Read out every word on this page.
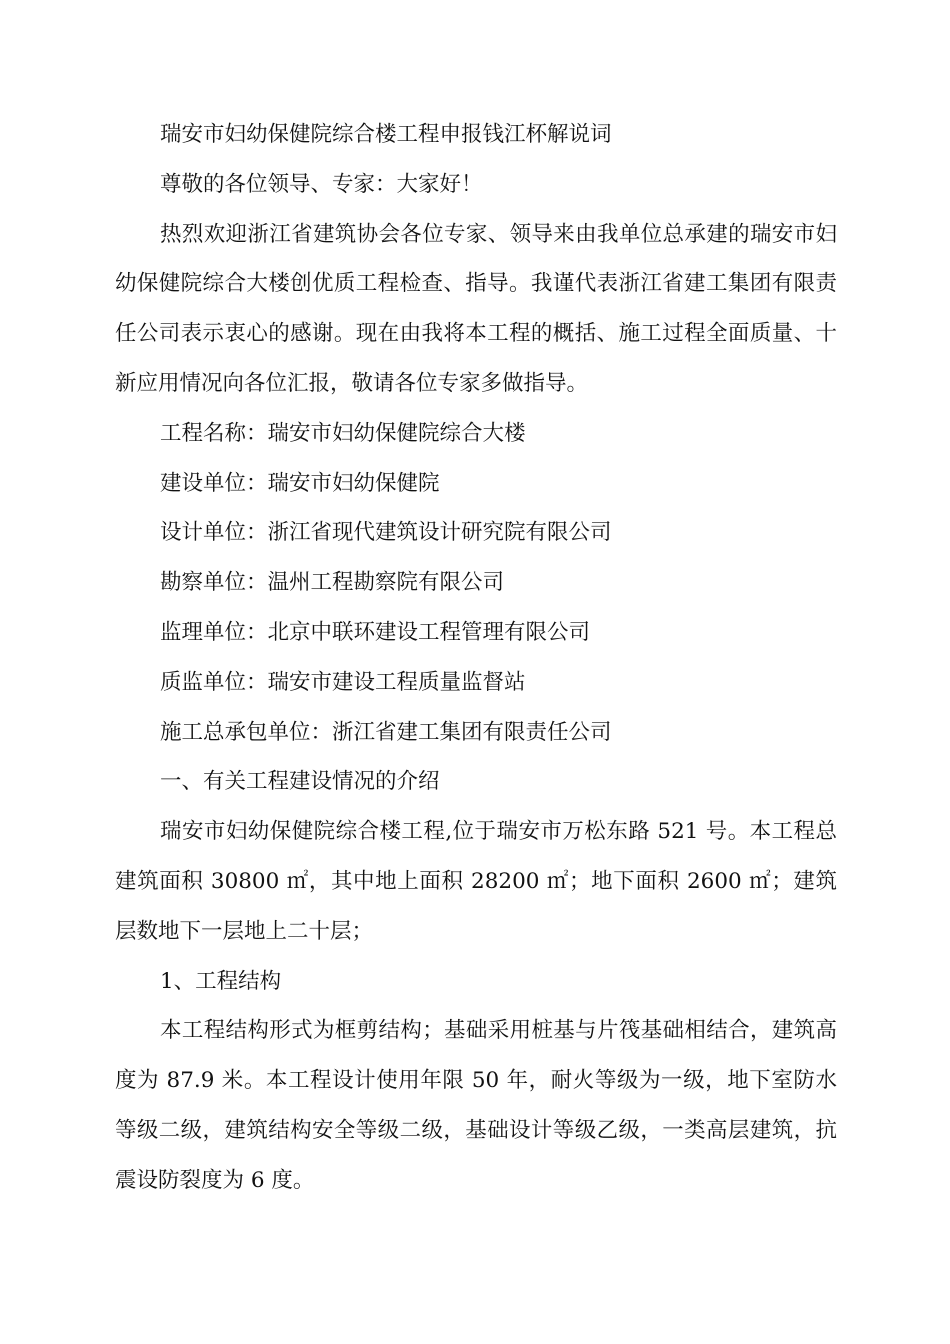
瑞安市妇幼保健院综合楼工程申报钱江杯解说词

尊敬的各位领导、专家：大家好！

热烈欢迎浙江省建筑协会各位专家、领导来由我单位总承建的瑞安市妇幼保健院综合大楼创优质工程检查、指导。我谨代表浙江省建工集团有限责任公司表示衷心的感谢。现在由我将本工程的概括、施工过程全面质量、十新应用情况向各位汇报，敬请各位专家多做指导。

工程名称：瑞安市妇幼保健院综合大楼

建设单位：瑞安市妇幼保健院

设计单位：浙江省现代建筑设计研究院有限公司

勘察单位：温州工程勘察院有限公司

监理单位：北京中联环建设工程管理有限公司

质监单位：瑞安市建设工程质量监督站

施工总承包单位：浙江省建工集团有限责任公司

一、有关工程建设情况的介绍

瑞安市妇幼保健院综合楼工程,位于瑞安市万松东路 521 号。本工程总建筑面积 30800 ㎡，其中地上面积 28200 ㎡；地下面积 2600 ㎡；建筑层数地下一层地上二十层；

1、工程结构

本工程结构形式为框剪结构；基础采用桩基与片筏基础相结合，建筑高度为 87.9 米。本工程设计使用年限 50 年，耐火等级为一级，地下室防水等级二级，建筑结构安全等级二级，基础设计等级乙级，一类高层建筑，抗震设防裂度为 6 度。
